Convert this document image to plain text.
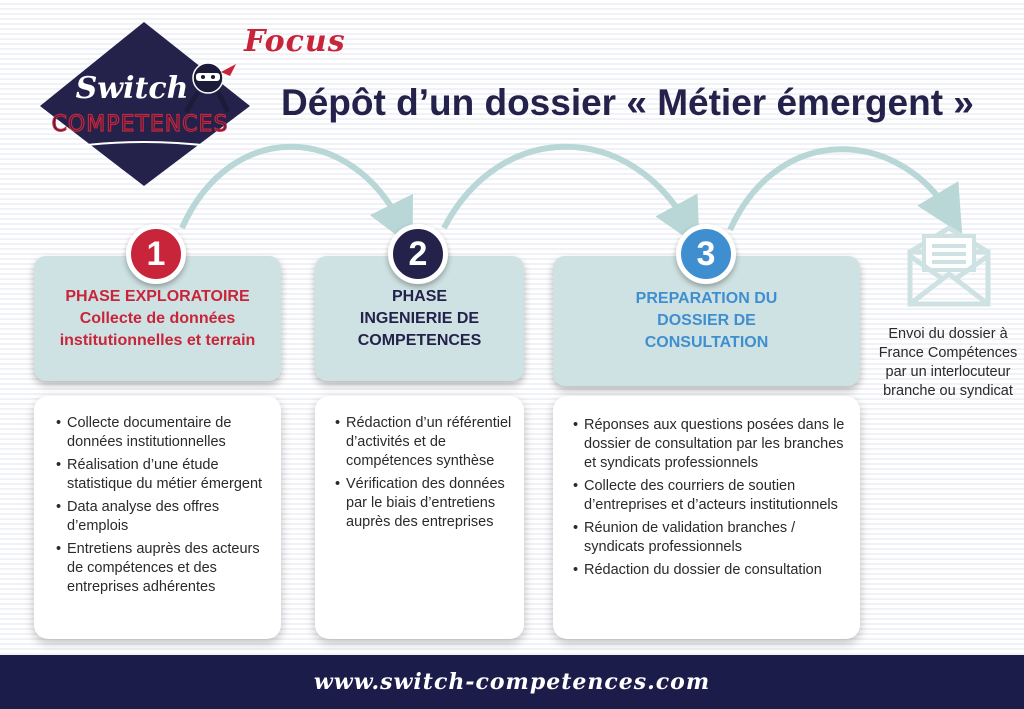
Switch
COMPETENCES
Focus
Dépôt d’un dossier « Métier émergent »
PHASE EXPLORATOIRE
Collecte de données
institutionnelles et terrain
1
• Collecte documentaire de données institutionnelles
• Réalisation d’une étude statistique du métier émergent
• Data analyse des offres d’emplois
• Entretiens auprès des acteurs de compétences et des entreprises adhérentes
PHASE
INGENIERIE DE
COMPETENCES
2
• Rédaction d’un référentiel d’activités et de compétences synthèse
• Vérification des données par le biais d’entretiens auprès des entreprises
PREPARATION DU
DOSSIER DE
CONSULTATION
3
• Réponses aux questions posées dans le dossier de consultation par les branches et syndicats professionnels
• Collecte des courriers de soutien d’entreprises et d’acteurs institutionnels
• Réunion de validation branches / syndicats professionnels
• Rédaction du dossier de consultation
Envoi du dossier à France Compétences par un interlocuteur branche ou syndicat
www.switch-competences.com
